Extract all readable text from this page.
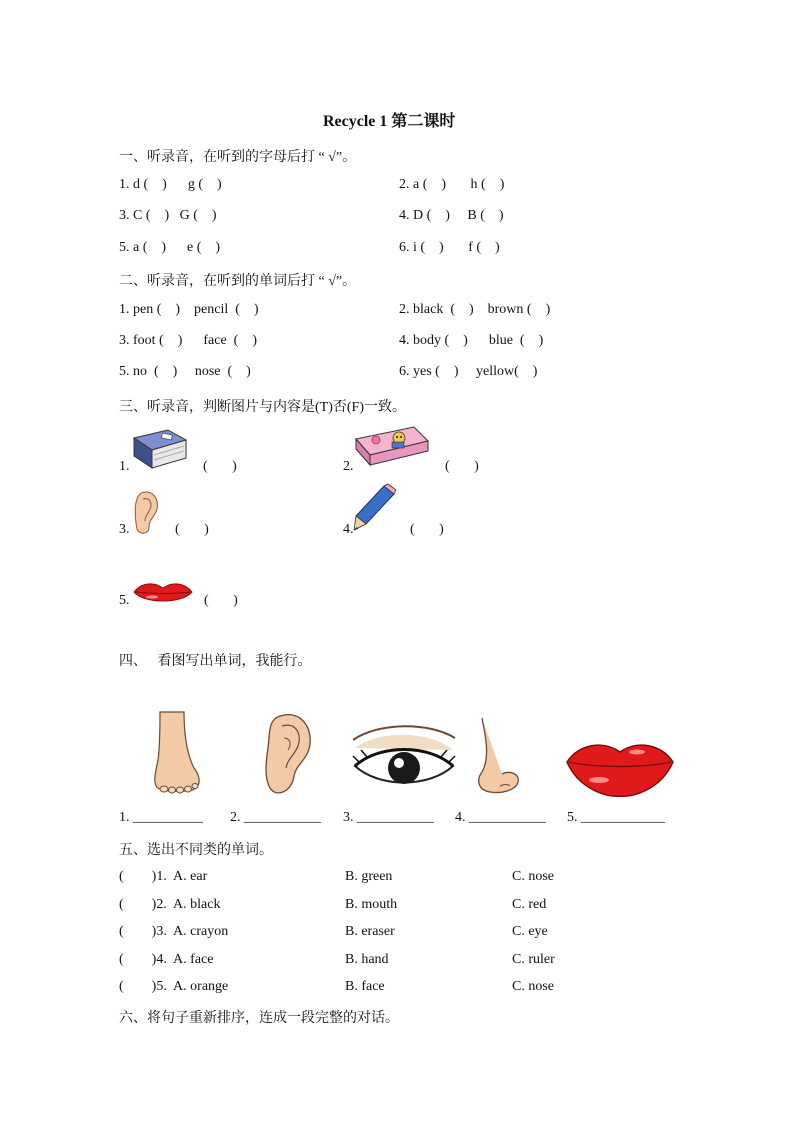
Recycle 1 第二课时
一、听录音，在听到的字母后打 “ √”。
1. d (    )      g (    )	2. a (    )       h (    )
3. C (    )   G (    )	4. D (    )     B (    )
5. a (    )      e (    )	6. i (    )       f (    )
二、听录音，在听到的单词后打 “ √”。
1. pen (    )    pencil  (    )	2. black  (    )    brown (    )
3. foot (    )      face  (    )	4. body (    )      blue  (    )
5. no  (    )     nose  (    )	6. yes (    )     yellow(    )
三、听录音，判断图片与内容是(T)否(F)一致。
1.	(       )	2.	(       )
3.	(       )	4.	(       )
5.	(       )
四、   看图写出单词，我能行。
1. __________ 2. ___________ 3. ___________ 4. ___________ 5. ____________
五、选出不同类的单词。
(        )1.  A. ear	B. green	C. nose
(        )2.  A. black	B. mouth	C. red
(        )3.  A. crayon	B. eraser	C. eye
(        )4.  A. face	B. hand	C. ruler
(        )5.  A. orange	B. face	C. nose
六、将句子重新排序，连成一段完整的对话。
